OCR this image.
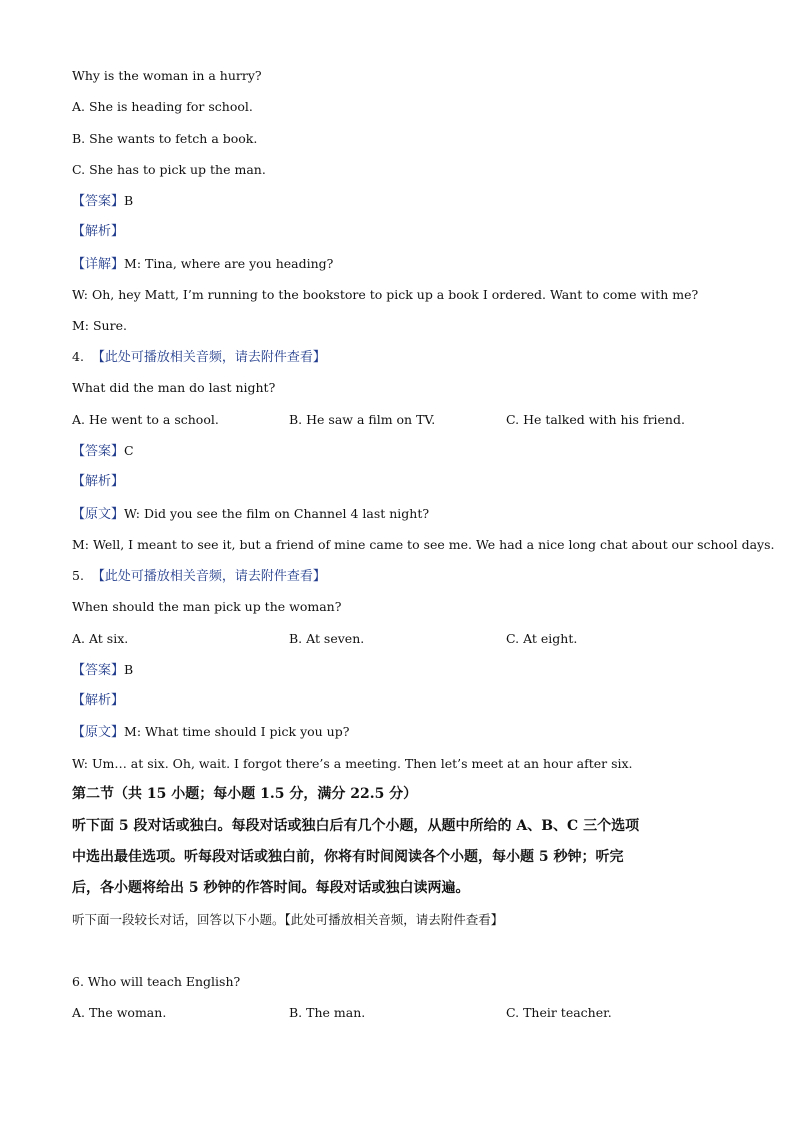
Why is the woman in a hurry?
A. She is heading for school.
B. She wants to fetch a book.
C. She has to pick up the man.
【答案】B
【解析】
【详解】M: Tina, where are you heading?
W: Oh, hey Matt, I’m running to the bookstore to pick up a book I ordered. Want to come with me?
M: Sure.
4. 【此处可播放相关音频，请去附件查看】
What did the man do last night?
A. He went to a school.	B. He saw a film on TV.	C. He talked with his friend.
【答案】C
【解析】
【原文】W: Did you see the film on Channel 4 last night?
M: Well, I meant to see it, but a friend of mine came to see me. We had a nice long chat about our school days.
5. 【此处可播放相关音频，请去附件查看】
When should the man pick up the woman?
A. At six.	B. At seven.	C. At eight.
【答案】B
【解析】
【原文】M: What time should I pick you up?
W: Um… at six. Oh, wait. I forgot there’s a meeting. Then let’s meet at an hour after six.
第二节（共 15 小题；每小题 1.5 分，满分 22.5 分）
听下面 5 段对话或独白。每段对话或独白后有几个小题，从题中所给的 A、B、C 三个选项
中选出最佳选项。听每段对话或独白前，你将有时间阅读各个小题，每小题 5 秒钟；听完
后，各小题将给出 5 秒钟的作答时间。每段对话或独白读两遍。
听下面一段较长对话，回答以下小题。【此处可播放相关音频，请去附件查看】
6. Who will teach English?
A. The woman.	B. The man.	C. Their teacher.
